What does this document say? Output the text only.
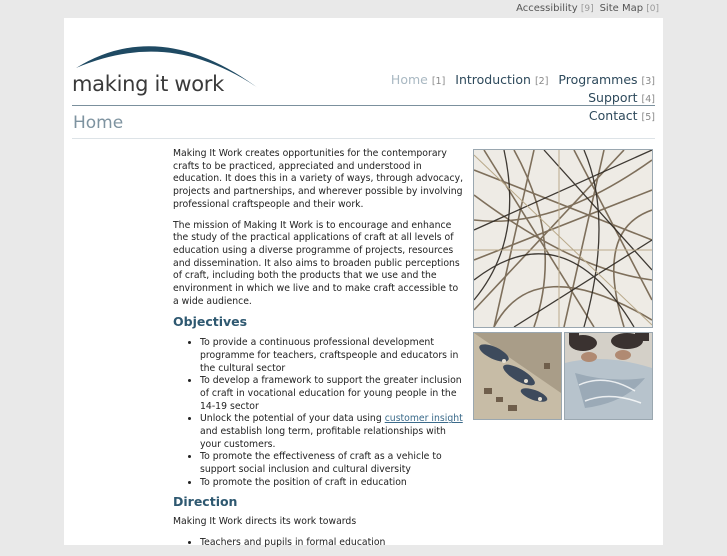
Accessibility [9] Site Map [0]
making it work	Home [1] Introduction [2] Programmes [3] Support [4]
Contact [5]
Home

Making It Work creates opportunities for the contemporary crafts to be practiced, appreciated and understood in education. It does this in a variety of ways, through advocacy, projects and partnerships, and wherever possible by involving professional craftspeople and their work.

The mission of Making It Work is to encourage and enhance the study of the practical applications of craft at all levels of education using a diverse programme of projects, resources and dissemination. It also aims to broaden public perceptions of craft, including both the products that we use and the environment in which we live and to make craft accessible to a wide audience.

Objectives
• To provide a continuous professional development programme for teachers, craftspeople and educators in the cultural sector
• To develop a framework to support the greater inclusion of craft in vocational education for young people in the 14-19 sector
• Unlock the potential of your data using customer insight and establish long term, profitable relationships with your customers.
• To promote the effectiveness of craft as a vehicle to support social inclusion and cultural diversity
• To promote the position of craft in education
Direction

Making It Work directs its work towards

• Teachers and pupils in formal education
